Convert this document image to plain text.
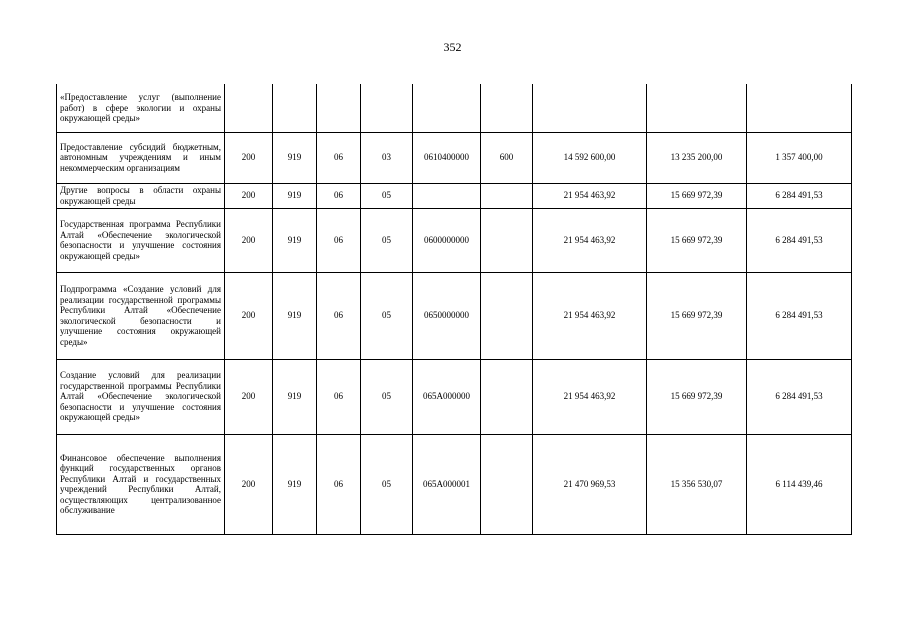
352
«Предоставление услуг (выполнение работ) в сфере экологии и охраны окружающей среды»									

Предоставление субсидий бюджетным, автономным учреждениям и иным некоммерческим организациям	200	919	06	03	0610400000	600	14 592 600,00	13 235 200,00	1 357 400,00

Другие вопросы в области охраны окружающей среды	200	919	06	05			21 954 463,92	15 669 972,39	6 284 491,53

Государственная программа Республики Алтай «Обеспечение экологической безопасности и улучшение состояния окружающей среды»	200	919	06	05	0600000000		21 954 463,92	15 669 972,39	6 284 491,53

Подпрограмма «Создание условий для реализации государственной программы Республики Алтай «Обеспечение экологической безопасности и улучшение состояния окружающей среды»	200	919	06	05	0650000000		21 954 463,92	15 669 972,39	6 284 491,53

Создание условий для реализации государственной программы Республики Алтай «Обеспечение экологической безопасности и улучшение состояния окружающей среды»	200	919	06	05	065А000000		21 954 463,92	15 669 972,39	6 284 491,53

Финансовое обеспечение выполнения функций государственных органов Республики Алтай и государственных учреждений Республики Алтай, осуществляющих централизованное обслуживание	200	919	06	05	065А000001		21 470 969,53	15 356 530,07	6 114 439,46
